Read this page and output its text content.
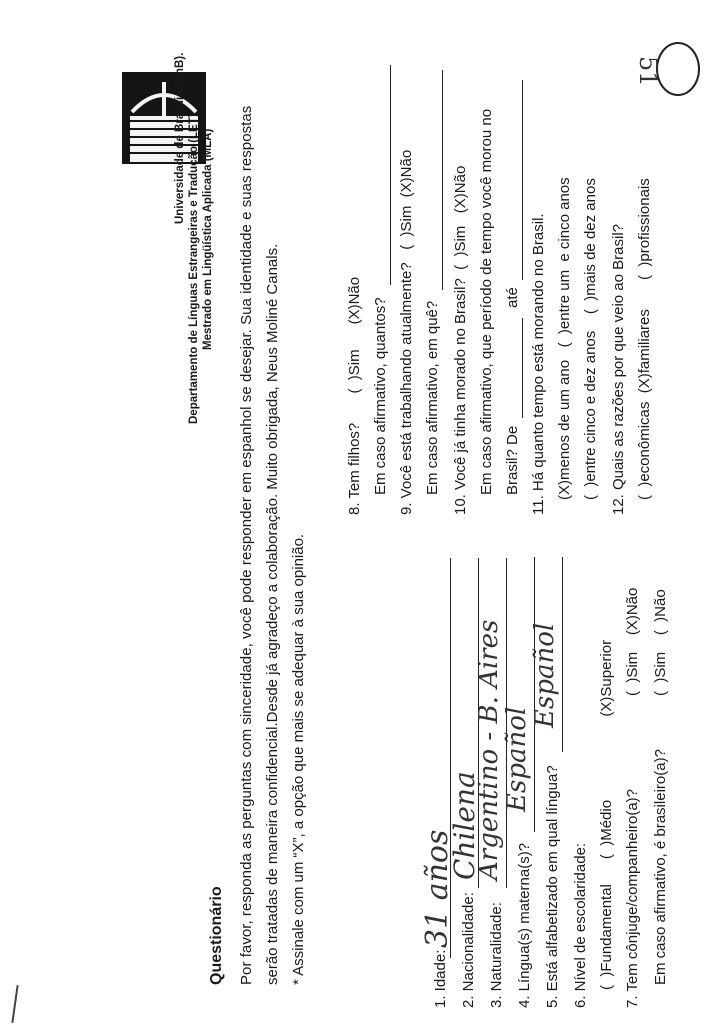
51
Universidade de Brasília (UnB). Departamento de Línguas Estrangeiras e Tradução (LET) Mestrado em Lingüística Aplicada (MLA)
Questionário Por favor, responda as perguntas com sinceridade, você pode responder em espanhol se desejar. Sua identidade e suas respostas serão tratadas de maneira confidencial.Desde já agradeço a colaboração. Muito obrigada, Neus Moliné Canals. * Assinale com um “X”, a opção que mais se adequar à sua opinião.	1. Idade:
31 años
2. Nacionalidade:
Chilena
3. Naturalidade:
Argentino - B. Aires
4. Língua(s) materna(s)?
Español
5. Está alfabetizado em qual língua?
Español
6. Nível de escolaridade: (  )Fundamental      (  )Médio                    (X)Superior 7. Tem cônjuge/companheiro(a)?
(  )Sim    (X)Não
Em caso afirmativo, é brasileiro(a)?
(  )Sim    (  )Não
8. Tem filhos?       (  )Sim      (X)Não Em caso afirmativo, quantos? 9. Você está trabalhando atualmente?   (  )Sim  (X)Não Em caso afirmativo, em quê? 10. Você já tinha morado no Brasil?  (  )Sim   (X)Não Em caso afirmativo, que período de tempo você morou no Brasil? De
até 11. Há quanto tempo está morando no Brasil. (X)menos de um ano   (  )entre um  e cinco anos (  )entre cinco e dez anos    (  )mais de dez anos 12. Quais as razões por que veio ao Brasil? (  )econômicas  (X)familiares       (  )profissionais
